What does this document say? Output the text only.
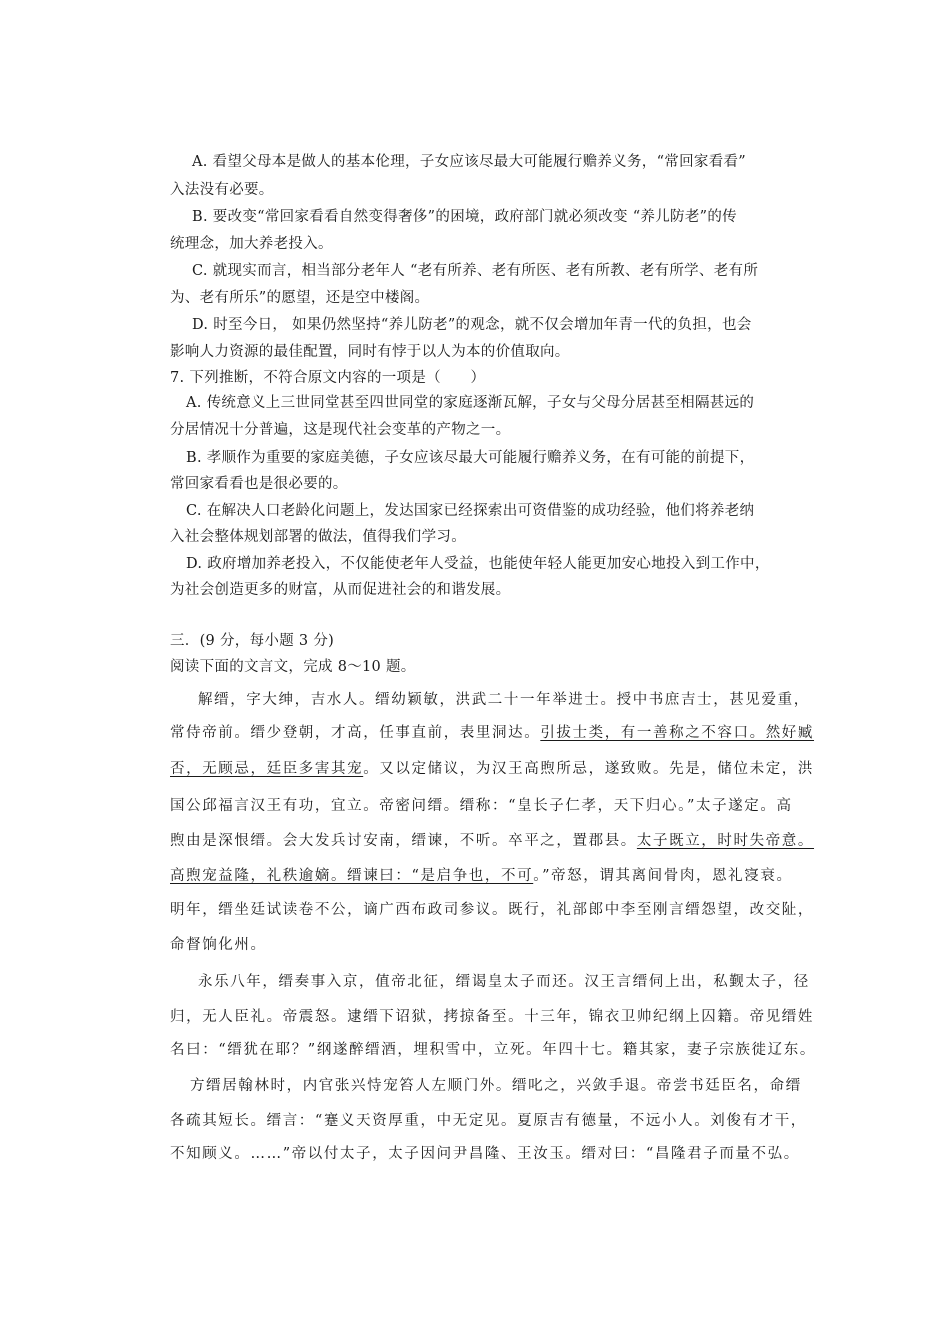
A. 看望父母本是做人的基本伦理，子女应该尽最大可能履行赡养义务，“常回家看看”
入法没有必要。
B. 要改变“常回家看看自然变得奢侈”的困境，政府部门就必须改变 “养儿防老”的传
统理念，加大养老投入。
C. 就现实而言，相当部分老年人 “老有所养、老有所医、老有所教、老有所学、老有所
为、老有所乐”的愿望，还是空中楼阁。
D. 时至今日， 如果仍然坚持“养儿防老”的观念，就不仅会增加年青一代的负担，也会
影响人力资源的最佳配置，同时有悖于以人为本的价值取向。
7. 下列推断，不符合原文内容的一项是（　　）
A. 传统意义上三世同堂甚至四世同堂的家庭逐渐瓦解，子女与父母分居甚至相隔甚远的
分居情况十分普遍，这是现代社会变革的产物之一。
B. 孝顺作为重要的家庭美德，子女应该尽最大可能履行赡养义务，在有可能的前提下，
常回家看看也是很必要的。
C. 在解决人口老龄化问题上，发达国家已经探索出可资借鉴的成功经验，他们将养老纳
入社会整体规划部署的做法，值得我们学习。
D. 政府增加养老投入，不仅能使老年人受益，也能使年轻人能更加安心地投入到工作中，
为社会创造更多的财富，从而促进社会的和谐发展。
三．(9 分，每小题 3 分)
阅读下面的文言文，完成 8～10 题。
解缙，字大绅，吉水人。缙幼颖敏，洪武二十一年举进士。授中书庶吉士，甚见爱重，
常侍帝前。缙少登朝，才高，任事直前，表里洞达。引拔士类，有一善称之不容口。然好臧
否，无顾忌，廷臣多害其宠。又以定储议，为汉王高煦所忌，遂致败。先是，储位未定，洪
国公邱福言汉王有功，宜立。帝密问缙。缙称：“皇长子仁孝，天下归心。”太子遂定。高
煦由是深恨缙。会大发兵讨安南，缙谏，不听。卒平之，置郡县。太子既立，时时失帝意。
高煦宠益隆，礼秩逾嫡。缙谏曰：“是启争也，不可。”帝怒，谓其离间骨肉，恩礼寖衰。
明年，缙坐廷试读卷不公，谪广西布政司参议。既行，礼部郎中李至刚言缙怨望，改交阯，
命督饷化州。
永乐八年，缙奏事入京，值帝北征，缙谒皇太子而还。汉王言缙伺上出，私觐太子，径
归，无人臣礼。帝震怒。逮缙下诏狱，拷掠备至。十三年，锦衣卫帅纪纲上囚籍。帝见缙姓
名曰：“缙犹在耶？”纲遂醉缙酒，埋积雪中，立死。年四十七。籍其家，妻子宗族徙辽东。
方缙居翰林时，内官张兴恃宠笞人左顺门外。缙叱之，兴敛手退。帝尝书廷臣名，命缙
各疏其短长。缙言：“蹇义天资厚重，中无定见。夏原吉有德量，不远小人。刘俊有才干，
不知顾义。……”帝以付太子，太子因问尹昌隆、王汝玉。缙对曰：“昌隆君子而量不弘。
